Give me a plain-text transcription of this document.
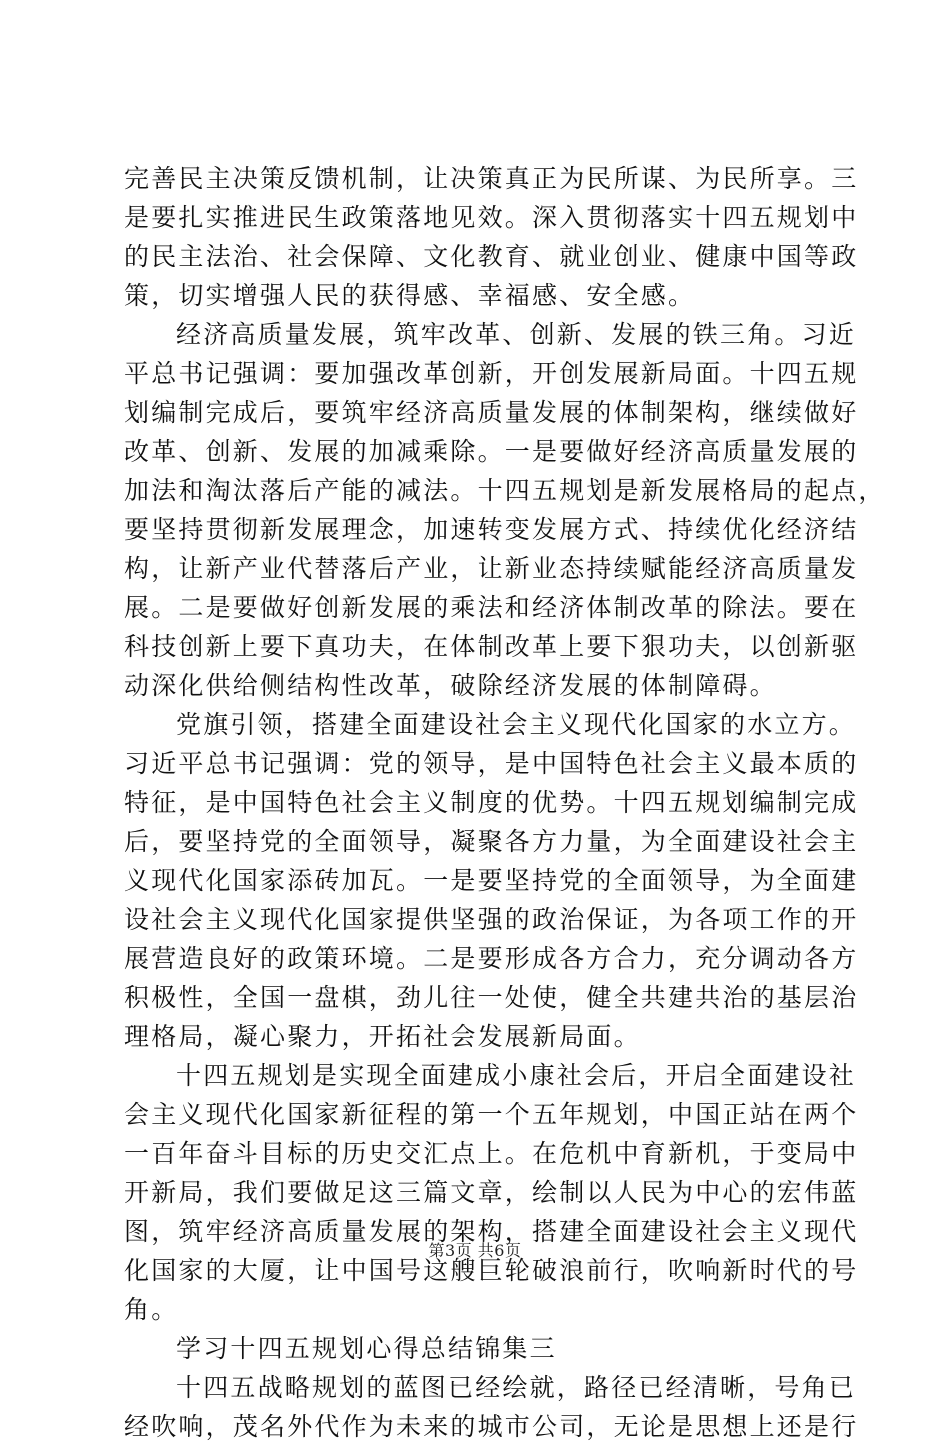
完善民主决策反馈机制，让决策真正为民所谋、为民所享。三
是要扎实推进民生政策落地见效。深入贯彻落实十四五规划中
的民主法治、社会保障、文化教育、就业创业、健康中国等政
策，切实增强人民的获得感、幸福感、安全感。
经济高质量发展，筑牢改革、创新、发展的铁三角。习近
平总书记强调：要加强改革创新，开创发展新局面。十四五规
划编制完成后，要筑牢经济高质量发展的体制架构，继续做好
改革、创新、发展的加减乘除。一是要做好经济高质量发展的
加法和淘汰落后产能的减法。十四五规划是新发展格局的起点，
要坚持贯彻新发展理念，加速转变发展方式、持续优化经济结
构，让新产业代替落后产业，让新业态持续赋能经济高质量发
展。二是要做好创新发展的乘法和经济体制改革的除法。要在
科技创新上要下真功夫，在体制改革上要下狠功夫，以创新驱
动深化供给侧结构性改革，破除经济发展的体制障碍。
党旗引领，搭建全面建设社会主义现代化国家的水立方。
习近平总书记强调：党的领导，是中国特色社会主义最本质的
特征，是中国特色社会主义制度的优势。十四五规划编制完成
后，要坚持党的全面领导，凝聚各方力量，为全面建设社会主
义现代化国家添砖加瓦。一是要坚持党的全面领导，为全面建
设社会主义现代化国家提供坚强的政治保证，为各项工作的开
展营造良好的政策环境。二是要形成各方合力，充分调动各方
积极性，全国一盘棋，劲儿往一处使，健全共建共治的基层治
理格局，凝心聚力，开拓社会发展新局面。
十四五规划是实现全面建成小康社会后，开启全面建设社
会主义现代化国家新征程的第一个五年规划，中国正站在两个
一百年奋斗目标的历史交汇点上。在危机中育新机，于变局中
开新局，我们要做足这三篇文章，绘制以人民为中心的宏伟蓝
图，筑牢经济高质量发展的架构，搭建全面建设社会主义现代
化国家的大厦，让中国号这艘巨轮破浪前行，吹响新时代的号
角。
学习十四五规划心得总结锦集三
十四五战略规划的蓝图已经绘就，路径已经清晰，号角已
经吹响，茂名外代作为未来的城市公司，无论是思想上还是行
第3页 共6页
